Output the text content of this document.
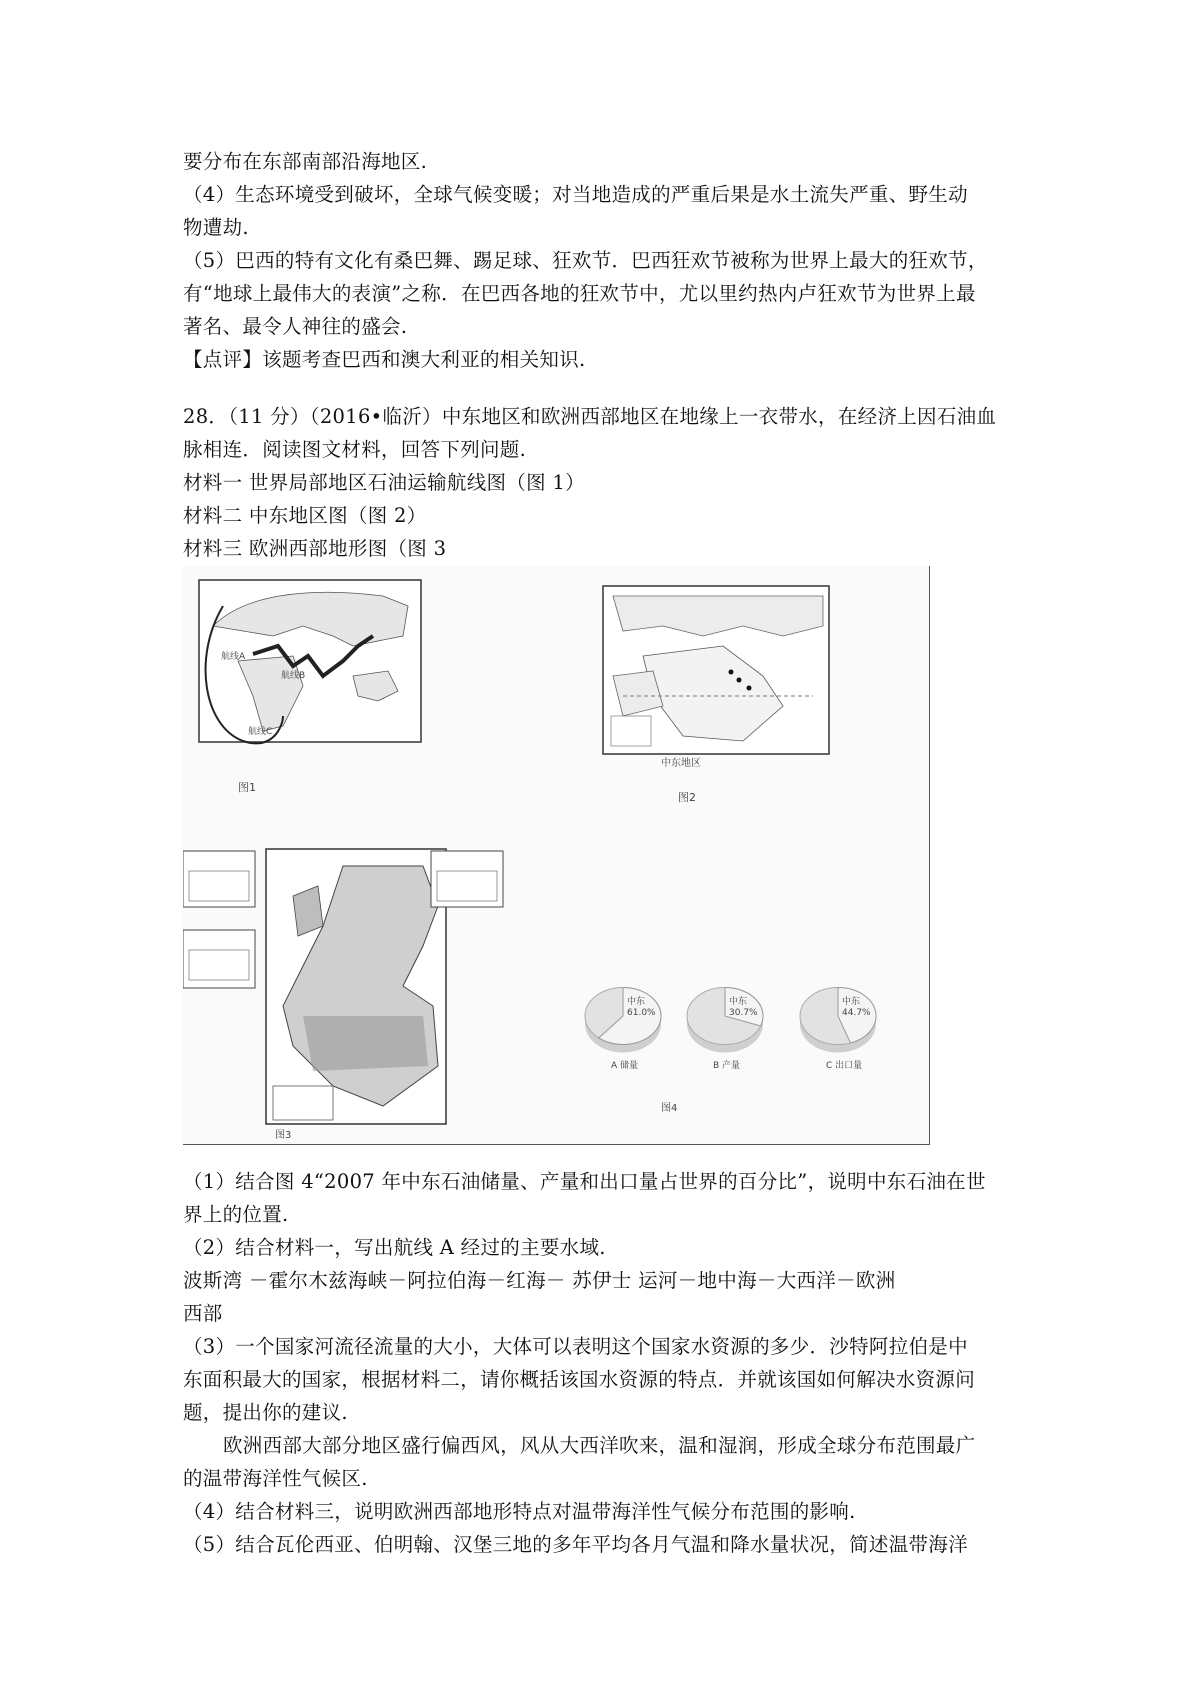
要分布在东部南部沿海地区.
（4）生态环境受到破坏，全球气候变暖；对当地造成的严重后果是水土流失严重、野生动
物遭劫.
（5）巴西的特有文化有桑巴舞、踢足球、狂欢节．巴西狂欢节被称为世界上最大的狂欢节，
有“地球上最伟大的表演”之称．在巴西各地的狂欢节中，尤以里约热内卢狂欢节为世界上最
著名、最令人神往的盛会.
【点评】该题考查巴西和澳大利亚的相关知识.
28．（11 分）（2016•临沂）中东地区和欧洲西部地区在地缘上一衣带水，在经济上因石油血
脉相连．阅读图文材料，回答下列问题.
材料一 世界局部地区石油运输航线图（图 1）
材料二 中东地区图（图 2）
材料三 欧洲西部地形图（图 3
航线A
航线B
航线C
图1
中东地区
图2
图3
中东
61.0%
A 储量
中东
30.7%
B 产量
中东
44.7%
C 出口量
图4
（1）结合图 4“2007 年中东石油储量、产量和出口量占世界的百分比”，说明中东石油在世
界上的位置.
（2）结合材料一，写出航线 A 经过的主要水域.
波斯湾 －霍尔木兹海峡－阿拉伯海－红海－ 苏伊士 运河－地中海－大西洋－欧洲
西部
（3）一个国家河流径流量的大小，大体可以表明这个国家水资源的多少．沙特阿拉伯是中
东面积最大的国家，根据材料二，请你概括该国水资源的特点．并就该国如何解决水资源问
题，提出你的建议.
欧洲西部大部分地区盛行偏西风，风从大西洋吹来，温和湿润，形成全球分布范围最广
的温带海洋性气候区.
（4）结合材料三，说明欧洲西部地形特点对温带海洋性气候分布范围的影响.
（5）结合瓦伦西亚、伯明翰、汉堡三地的多年平均各月气温和降水量状况，简述温带海洋
